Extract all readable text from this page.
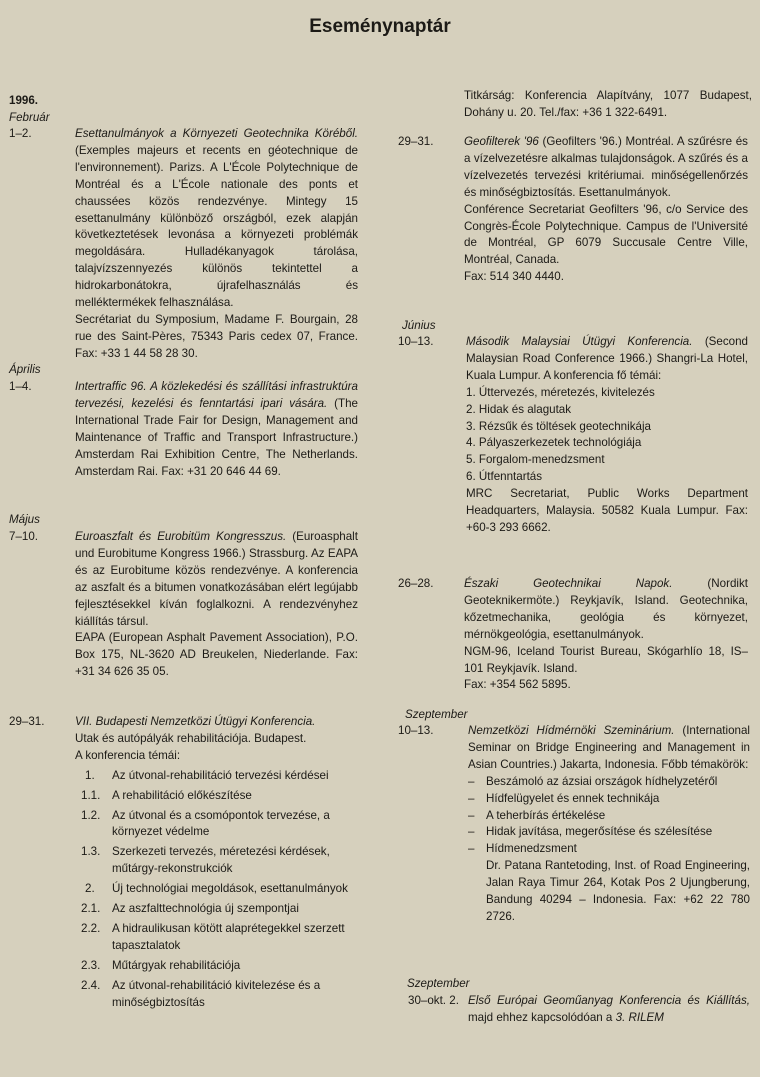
Eseménynaptár
1996.
Február
1–2.	Esettanulmányok a Környezeti Geotechnika Köréből. (Exemples majeurs et recents en géotechnique de l'environnement). Parizs. A L'École Polytechnique de Montréal és a L'École nationale des ponts et chaussées közös rendezvénye. Mintegy 15 esettanulmány különböző országból, ezek alapján következtetések levonása a környezeti problémák megoldására. Hulladékanyagok tárolása, talajvízszennyezés különös tekintettel a hidrokarbonátokra, újrafelhasználás és melléktermékek felhasználása.
Secrétariat du Symposium, Madame F. Bourgain, 28 rue des Saint-Pères, 75343 Paris cedex 07, France. Fax: +33 1 44 58 28 30.
Április
1–4.	Intertraffic 96. A közlekedési és szállítási infrastruktúra tervezési, kezelési és fenntartási ipari vására. (The International Trade Fair for Design, Management and Maintenance of Traffic and Transport Infrastructure.) Amsterdam Rai Exhibition Centre, The Netherlands. Amsterdam Rai. Fax: +31 20 646 44 69.
Május
7–10.	Euroaszfalt és Eurobitüm Kongresszus. (Euroasphalt und Eurobitume Kongress 1966.) Strassburg. Az EAPA és az Eurobitume közös rendezvénye. A konferencia az aszfalt és a bitumen vonatkozásában elért legújabb fejlesztésekkel kíván foglalkozni. A rendezvényhez kiállítás társul.
EAPA (European Asphalt Pavement Association), P.O. Box 175, NL-3620 AD Breukelen, Niederlande. Fax: +31 34 626 35 05.
29–31.	VII. Budapesti Nemzetközi Útügyi Konferencia.
Utak és autópályák rehabilitációja. Budapest.
A konferencia témái:
1.	Az útvonal-rehabilitáció tervezési kérdései
1.1.	A rehabilitáció előkészítése
1.2.	Az útvonal és a csomópontok tervezése, a környezet védelme
1.3.	Szerkezeti tervezés, méretezési kérdések, műtárgy-rekonstrukciók
2.	Új technológiai megoldások, esettanulmányok
2.1.	Az aszfalttechnológia új szempontjai
2.2.	A hidraulikusan kötött alaprétegekkel szerzett tapasztalatok
2.3.	Műtárgyak rehabilitációja
2.4.	Az útvonal-rehabilitáció kivitelezése és a minőségbiztosítás
Titkárság: Konferencia Alapítvány, 1077 Budapest, Dohány u. 20. Tel./fax: +36 1 322-6491.
29–31.	Geofilterek '96 (Geofilters '96.) Montréal. A szűrésre és a vízelvezetésre alkalmas tulajdonságok. A szűrés és a vízelvezetés tervezési kritériumai. minőségellenőrzés és minőségbiztosítás. Esettanulmányok.
Conférence Secretariat Geofilters '96, c/o Service des Congrès-École Polytechnique. Campus de l'Université de Montréal, GP 6079 Succusale Centre Ville, Montréal, Canada.
Fax: 514 340 4440.
Június
10–13.	Második Malaysiai Útügyi Konferencia. (Second Malaysian Road Conference 1966.) Shangri-La Hotel, Kuala Lumpur. A konferencia fő témái:
1. Úttervezés, méretezés, kivitelezés
2. Hidak és alagutak
3. Rézsűk és töltések geotechnikája
4. Pályaszerkezetek technológiája
5. Forgalom-menedzsment
6. Útfenntartás
MRC Secretariat, Public Works Department Headquarters, Malaysia. 50582 Kuala Lumpur. Fax: +60-3 293 6662.
26–28.	Északi Geotechnikai Napok.	(Nordikt Geoteknikermöte.) Reykjavík, Island. Geotechnika, kőzetmechanika, geológia és környezet, mérnökgeológia, esettanulmányok.
NGM-96, Iceland Tourist Bureau, Skógarhlío 18, IS–101 Reykjavík. Island.
Fax: +354 562 5895.
Szeptember
10–13.	Nemzetközi Hídmérnöki Szeminárium. (International Seminar on Bridge Engineering and Management in Asian Countries.) Jakarta, Indonesia. Főbb témakörök:
– Beszámoló az ázsiai országok hídhelyzetéről
– Hídfelügyelet és ennek technikája
– A teherbírás értékelése
– Hidak javítása, megerősítése és szélesítése
– Hídmenedzsment
Dr. Patana Rantetoding, Inst. of Road Engineering, Jalan Raya Timur 264, Kotak Pos 2 Ujungberung, Bandung 40294 – Indonesia. Fax: +62 22 780 2726.
Szeptember
30–okt. 2. Első Európai Geoműanyag Konferencia és Kiállítás, majd ehhez kapcsolódóan a 3. RILEM
